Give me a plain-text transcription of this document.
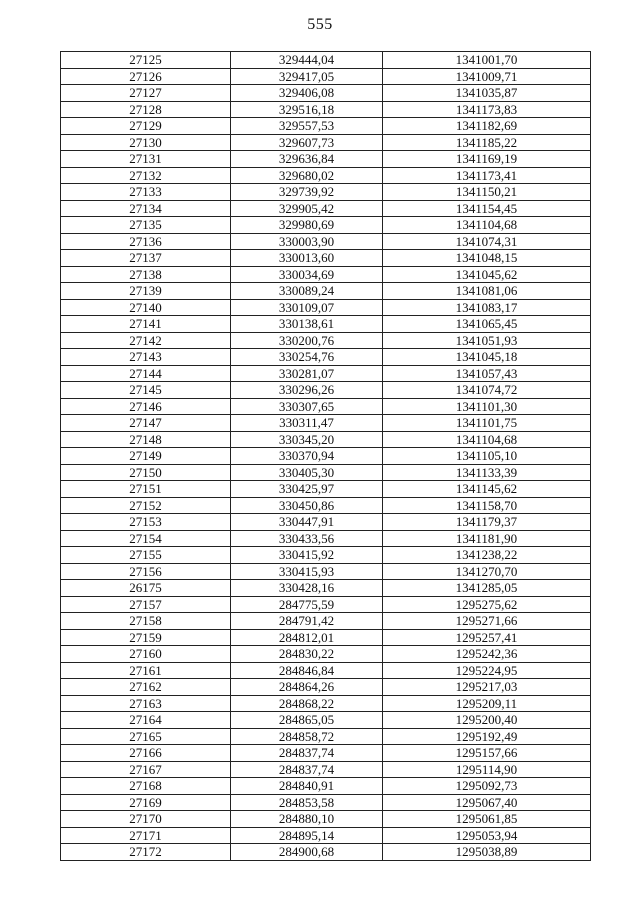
555
27125	329444,04	1341001,70
27126	329417,05	1341009,71
27127	329406,08	1341035,87
27128	329516,18	1341173,83
27129	329557,53	1341182,69
27130	329607,73	1341185,22
27131	329636,84	1341169,19
27132	329680,02	1341173,41
27133	329739,92	1341150,21
27134	329905,42	1341154,45
27135	329980,69	1341104,68
27136	330003,90	1341074,31
27137	330013,60	1341048,15
27138	330034,69	1341045,62
27139	330089,24	1341081,06
27140	330109,07	1341083,17
27141	330138,61	1341065,45
27142	330200,76	1341051,93
27143	330254,76	1341045,18
27144	330281,07	1341057,43
27145	330296,26	1341074,72
27146	330307,65	1341101,30
27147	330311,47	1341101,75
27148	330345,20	1341104,68
27149	330370,94	1341105,10
27150	330405,30	1341133,39
27151	330425,97	1341145,62
27152	330450,86	1341158,70
27153	330447,91	1341179,37
27154	330433,56	1341181,90
27155	330415,92	1341238,22
27156	330415,93	1341270,70
26175	330428,16	1341285,05
27157	284775,59	1295275,62
27158	284791,42	1295271,66
27159	284812,01	1295257,41
27160	284830,22	1295242,36
27161	284846,84	1295224,95
27162	284864,26	1295217,03
27163	284868,22	1295209,11
27164	284865,05	1295200,40
27165	284858,72	1295192,49
27166	284837,74	1295157,66
27167	284837,74	1295114,90
27168	284840,91	1295092,73
27169	284853,58	1295067,40
27170	284880,10	1295061,85
27171	284895,14	1295053,94
27172	284900,68	1295038,89
